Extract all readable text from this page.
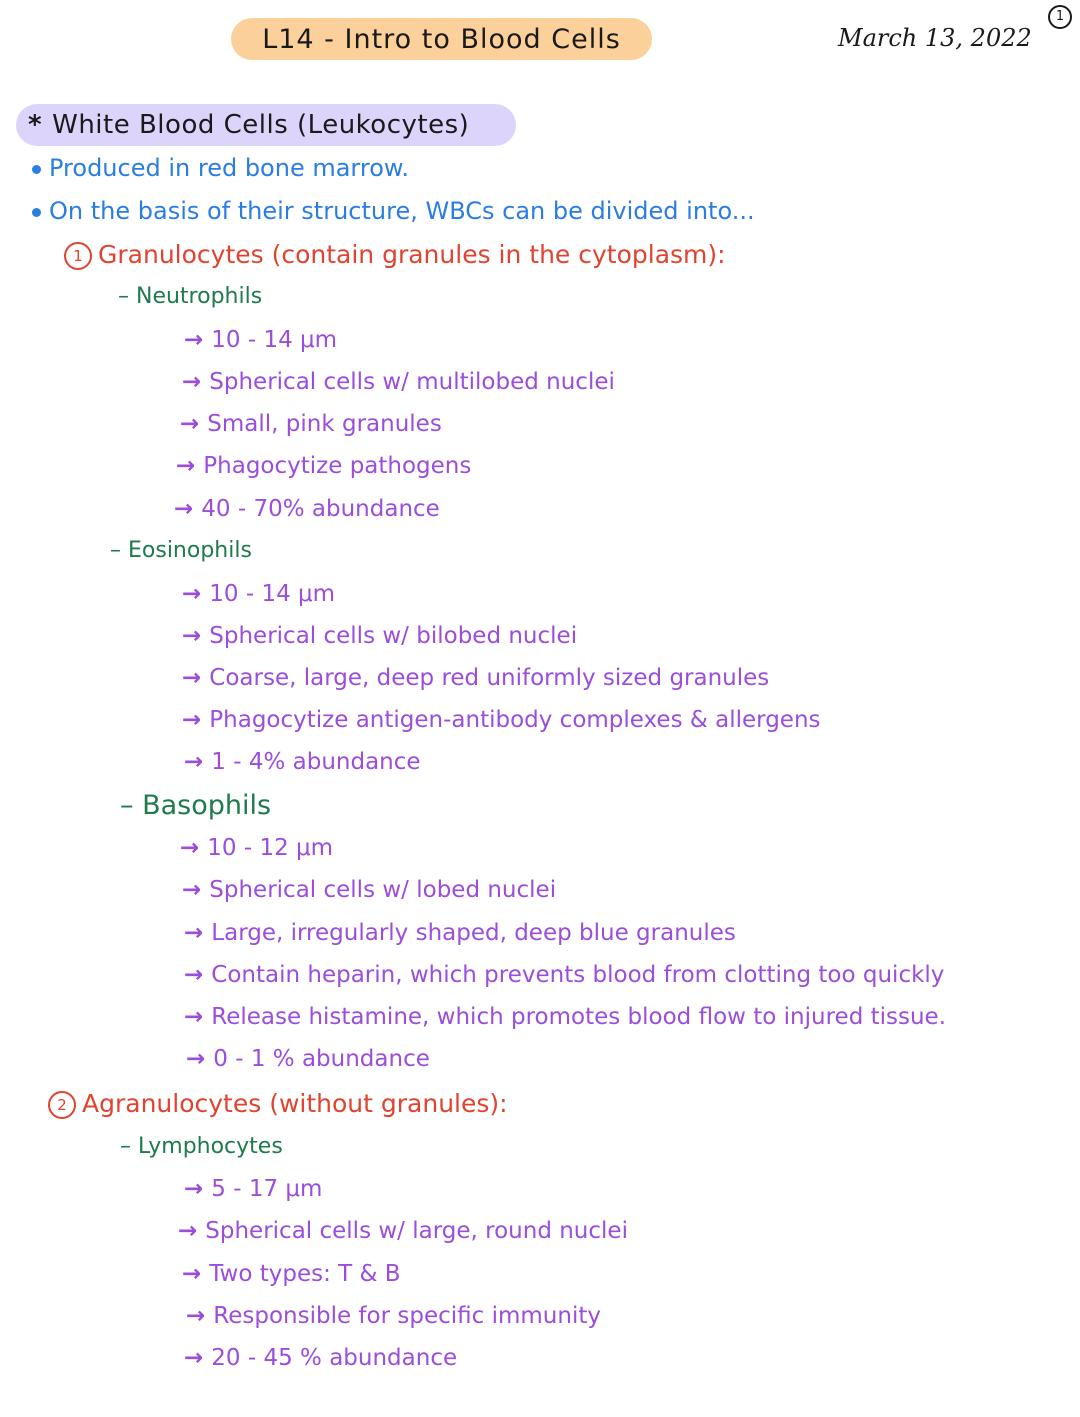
L14 - Intro to Blood Cells	March 13, 2022
1
* White Blood Cells (Leukocytes)
Produced in red bone marrow.
On the basis of their structure, WBCs can be divided into...
1 Granulocytes (contain granules in the cytoplasm):
– Neutrophils
→ 10 - 14 μm
→ Spherical cells w/ multilobed nuclei
→ Small, pink granules
→ Phagocytize pathogens
→ 40 - 70% abundance
– Eosinophils
→ 10 - 14 μm
→ Spherical cells w/ bilobed nuclei
→ Coarse, large, deep red uniformly sized granules
→ Phagocytize antigen-antibody complexes & allergens
→ 1 - 4% abundance
– Basophils
→ 10 - 12 μm
→ Spherical cells w/ lobed nuclei
→ Large, irregularly shaped, deep blue granules
→ Contain heparin, which prevents blood from clotting too quickly
→ Release histamine, which promotes blood flow to injured tissue.
→ 0 - 1 % abundance
2 Agranulocytes (without granules):
– Lymphocytes
→ 5 - 17 μm
→ Spherical cells w/ large, round nuclei
→ Two types: T & B
→ Responsible for specific immunity
→ 20 - 45 % abundance
